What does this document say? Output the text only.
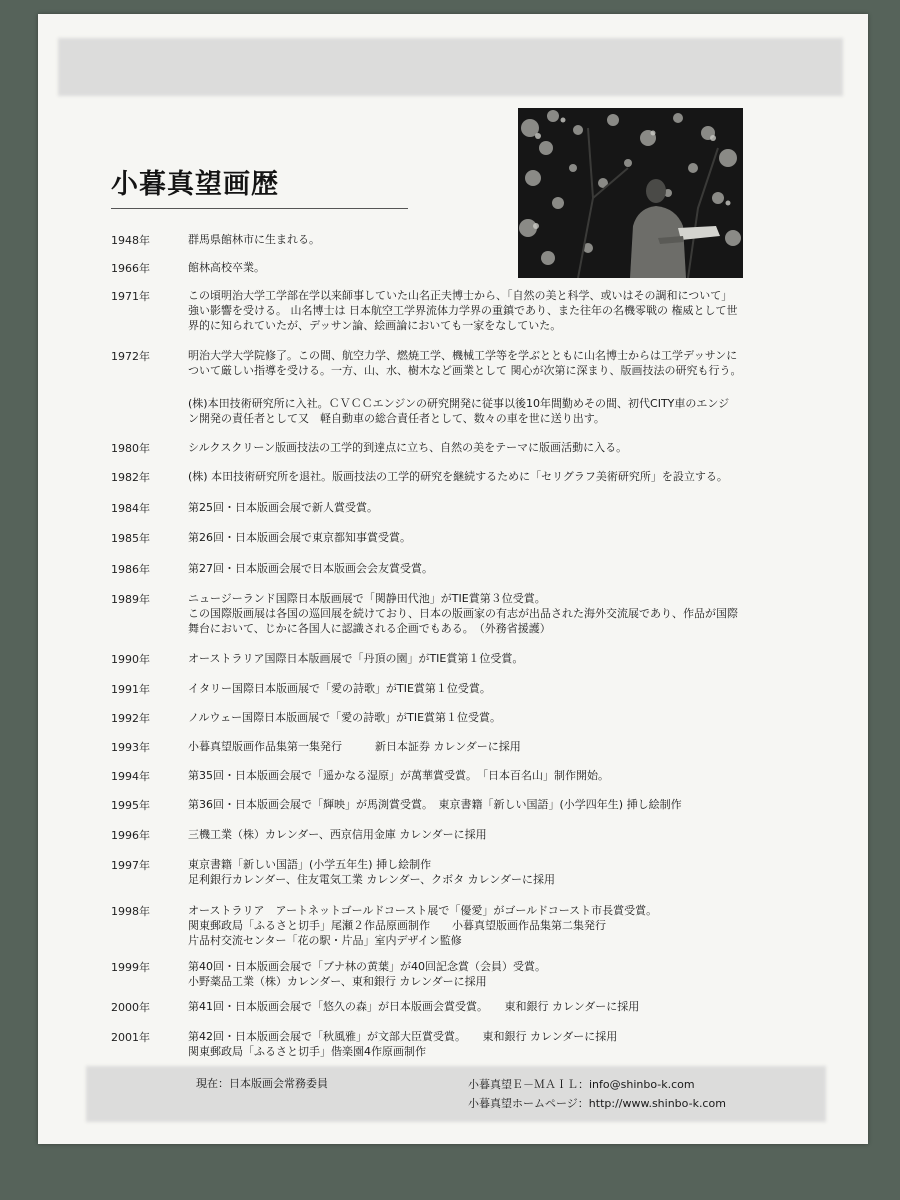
小暮真望画歴
1948年	群馬県館林市に生まれる。
1966年	館林高校卒業。
1971年	この頃明治大学工学部在学以来師事していた山名正夫博士から、「自然の美と科学、或いはその調和について」
強い影響を受ける。 山名博士は 日本航空工学界流体力学界の重鎮であり、また往年の名機零戦の 権威として世
界的に知られていたが、デッサン論、絵画論においても一家をなしていた。
1972年	明治大学大学院修了。この間、航空力学、燃焼工学、機械工学等を学ぶとともに山名博士からは工学デッサンに
ついて厳しい指導を受ける。一方、山、水、樹木など画業として 関心が次第に深まり、版画技法の研究も行う。
(株)本田技術研究所に入社。ＣＶＣＣエンジンの研究開発に従事以後10年間勤めその間、初代CITY車のエンジ
ン開発の責任者として又　軽自動車の総合責任者として、数々の車を世に送り出す。
1980年	シルクスクリーン版画技法の工学的到達点に立ち、自然の美をテーマに版画活動に入る。
1982年	(株) 本田技術研究所を退社。版画技法の工学的研究を継続するために「セリグラフ美術研究所」を設立する。
1984年	第25回・日本版画会展で新人賞受賞。
1985年	第26回・日本版画会展で東京都知事賞受賞。
1986年	第27回・日本版画会展で日本版画会会友賞受賞。
1989年	ニュージーランド国際日本版画展で「関静田代池」がTIE賞第３位受賞。
この国際版画展は各国の巡回展を続けており、日本の版画家の有志が出品された海外交流展であり、作品が国際
舞台において、じかに各国人に認識される企画でもある。　（外務省援護）
1990年	オーストラリア国際日本版画展で「丹頂の園」がTIE賞第１位受賞。
1991年	イタリー国際日本版画展で「愛の詩歌」がTIE賞第１位受賞。
1992年	ノルウェー国際日本版画展で「愛の詩歌」がTIE賞第１位受賞。
1993年	小暮真望版画作品集第一集発行　　　新日本証券 カレンダーに採用
1994年	第35回・日本版画会展で「遥かなる湿原」が萬華賞受賞。　「日本百名山」制作開始。
1995年	第36回・日本版画会展で「輝映」が馬渕賞受賞。　東京書籍「新しい国語」(小学四年生) 挿し絵制作
1996年	三機工業（株）カレンダー、西京信用金庫 カレンダーに採用
1997年	東京書籍「新しい国語」(小学五年生) 挿し絵制作
足利銀行カレンダー、住友電気工業 カレンダー、クボタ カレンダーに採用
1998年	オーストラリア　アートネットゴールドコースト展で「優愛」がゴールドコースト市長賞受賞。
関東郵政局「ふるさと切手」尾瀬２作品原画制作　　小暮真望版画作品集第二集発行
片品村交流センター「花の駅・片品」室内デザイン監修
1999年	第40回・日本版画会展で「ブナ林の黄葉」が40回記念賞（会員）受賞。
小野薬品工業（株）カレンダー、東和銀行 カレンダーに採用
2000年	第41回・日本版画会展で「悠久の森」が日本版画会賞受賞。　　東和銀行 カレンダーに採用
2001年	第42回・日本版画会展で「秋風雅」が文部大臣賞受賞。　　東和銀行 カレンダーに採用
関東郵政局「ふるさと切手」偕楽園4作原画制作
現在：日本版画会常務委員	小暮真望Ｅ－ＭＡＩＬ：info@shinbo-k.com
小暮真望ホームページ：http://www.shinbo-k.com
